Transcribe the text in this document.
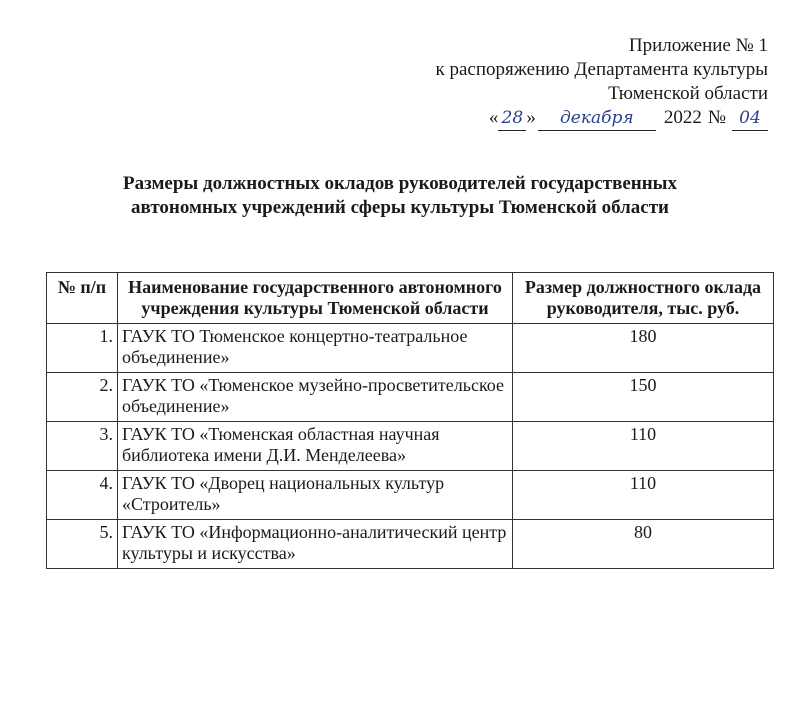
Приложение № 1
к распоряжению Департамента культуры
Тюменской области
« 28 »	декабря	2022 № 04
Размеры должностных окладов руководителей государственных
автономных учреждений сферы культуры Тюменской области
№ п/п	Наименование государственного автономного учреждения культуры Тюменской области	Размер должностного оклада руководителя, тыс. руб.
1.	ГАУК ТО Тюменское концертно-театральное объединение»	180
2.	ГАУК ТО «Тюменское музейно-просветительское объединение»	150
3.	ГАУК ТО «Тюменская областная научная библиотека имени Д.И. Менделеева»	110
4.	ГАУК ТО «Дворец национальных культур «Строитель»	110
5.	ГАУК ТО «Информационно-аналитический центр культуры и искусства»	80
